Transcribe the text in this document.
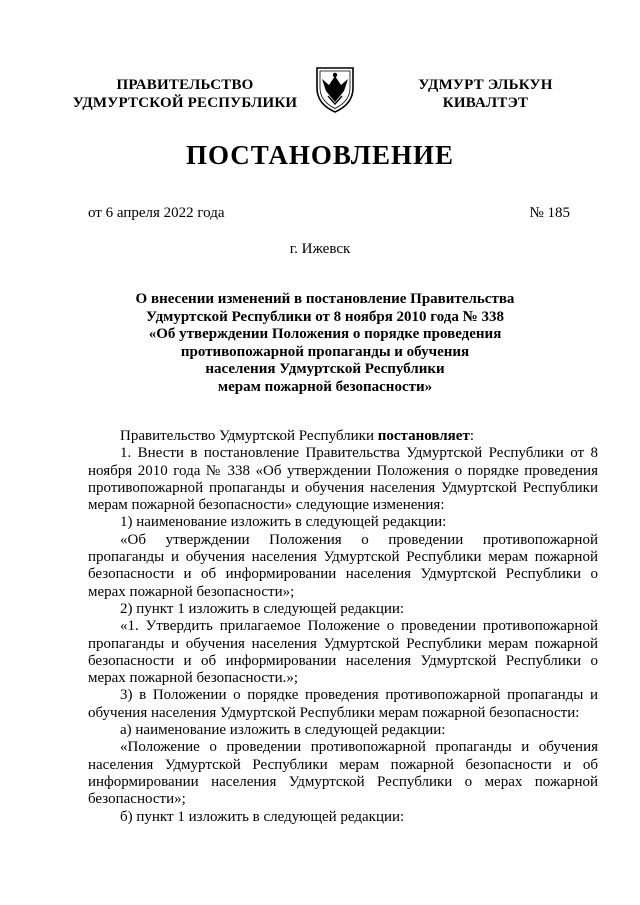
ПРАВИТЕЛЬСТВО
УДМУРТСКОЙ РЕСПУБЛИКИ
УДМУРТ ЭЛЬКУН
КИВАЛТЭТ
ПОСТАНОВЛЕНИЕ
от 6 апреля 2022 года	№ 185
г. Ижевск
О внесении изменений в постановление Правительства
Удмуртской Республики от 8 ноября 2010 года № 338
«Об утверждении Положения о порядке проведения
противопожарной пропаганды и обучения
населения Удмуртской Республики
мерам пожарной безопасности»

Правительство Удмуртской Республики постановляет:

1. Внести в постановление Правительства Удмуртской Республики от 8 ноября 2010 года № 338 «Об утверждении Положения о порядке проведения противопожарной пропаганды и обучения населения Удмуртской Республики мерам пожарной безопасности» следующие изменения:

1) наименование изложить в следующей редакции:

«Об утверждении Положения о проведении противопожарной пропаганды и обучения населения Удмуртской Республики мерам пожарной безопасности и об информировании населения Удмуртской Республики о мерах пожарной безопасности»;

2) пункт 1 изложить в следующей редакции:

«1. Утвердить прилагаемое Положение о проведении противопожарной пропаганды и обучения населения Удмуртской Республики мерам пожарной безопасности и об информировании населения Удмуртской Республики о мерах пожарной безопасности.»;

3) в Положении о порядке проведения противопожарной пропаганды и обучения населения Удмуртской Республики мерам пожарной безопасности:

а) наименование изложить в следующей редакции:

«Положение о проведении противопожарной пропаганды и обучения населения Удмуртской Республики мерам пожарной безопасности и об информировании населения Удмуртской Республики о мерах пожарной безопасности»;

б) пункт 1 изложить в следующей редакции:
